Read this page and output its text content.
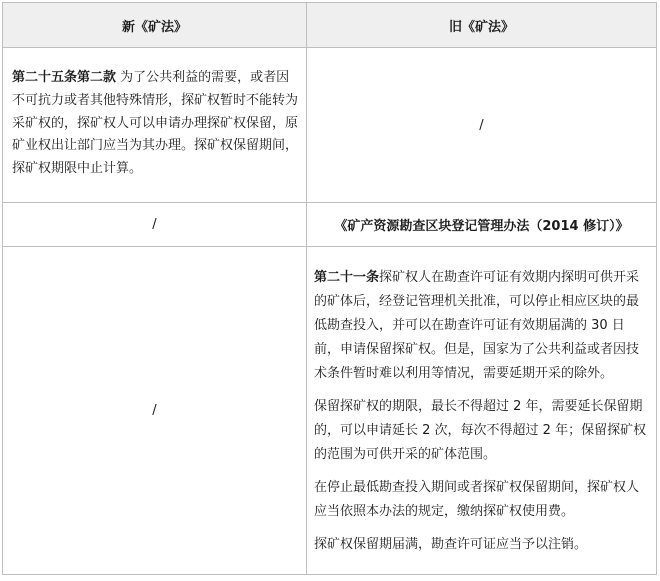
新《矿法》	旧《矿法》
第二十五条第二款 为了公共利益的需要，或者因不可抗力或者其他特殊情形，探矿权暂时不能转为采矿权的，探矿权人可以申请办理探矿权保留，原矿业权出让部门应当为其办理。探矿权保留期间，探矿权期限中止计算。	/
/	《矿产资源勘查区块登记管理办法（2014 修订）》
/	第二十一条探矿权人在勘查许可证有效期内探明可供开采的矿体后，经登记管理机关批准，可以停止相应区块的最低勘查投入，并可以在勘查许可证有效期届满的 30 日前，申请保留探矿权。但是，国家为了公共利益或者因技术条件暂时难以利用等情况，需要延期开采的除外。

保留探矿权的期限，最长不得超过 2 年，需要延长保留期的，可以申请延长 2 次，每次不得超过 2 年；保留探矿权的范围为可供开采的矿体范围。

在停止最低勘查投入期间或者探矿权保留期间，探矿权人应当依照本办法的规定，缴纳探矿权使用费。

探矿权保留期届满，勘查许可证应当予以注销。
